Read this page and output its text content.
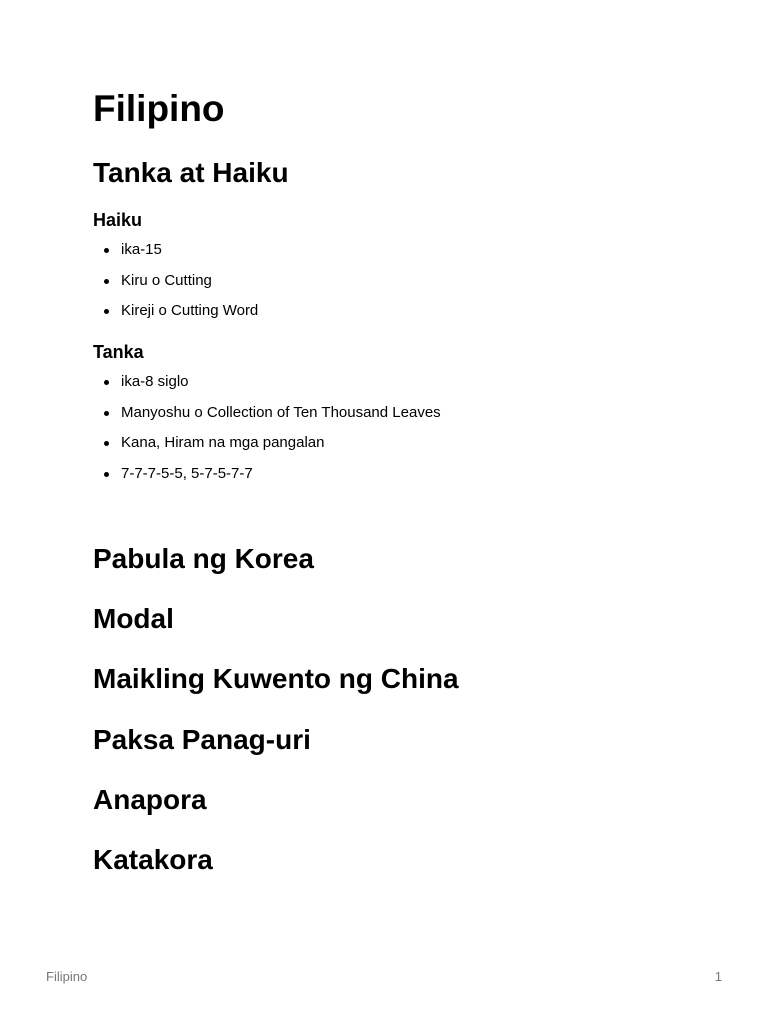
Filipino
Tanka at Haiku
Haiku
ika-15
Kiru o Cutting
Kireji o Cutting Word
Tanka
ika-8 siglo
Manyoshu o Collection of Ten Thousand Leaves
Kana, Hiram na mga pangalan
7-7-7-5-5, 5-7-5-7-7
Pabula ng Korea
Modal
Maikling Kuwento ng China
Paksa Panag-uri
Anapora
Katakora
Filipino	1
